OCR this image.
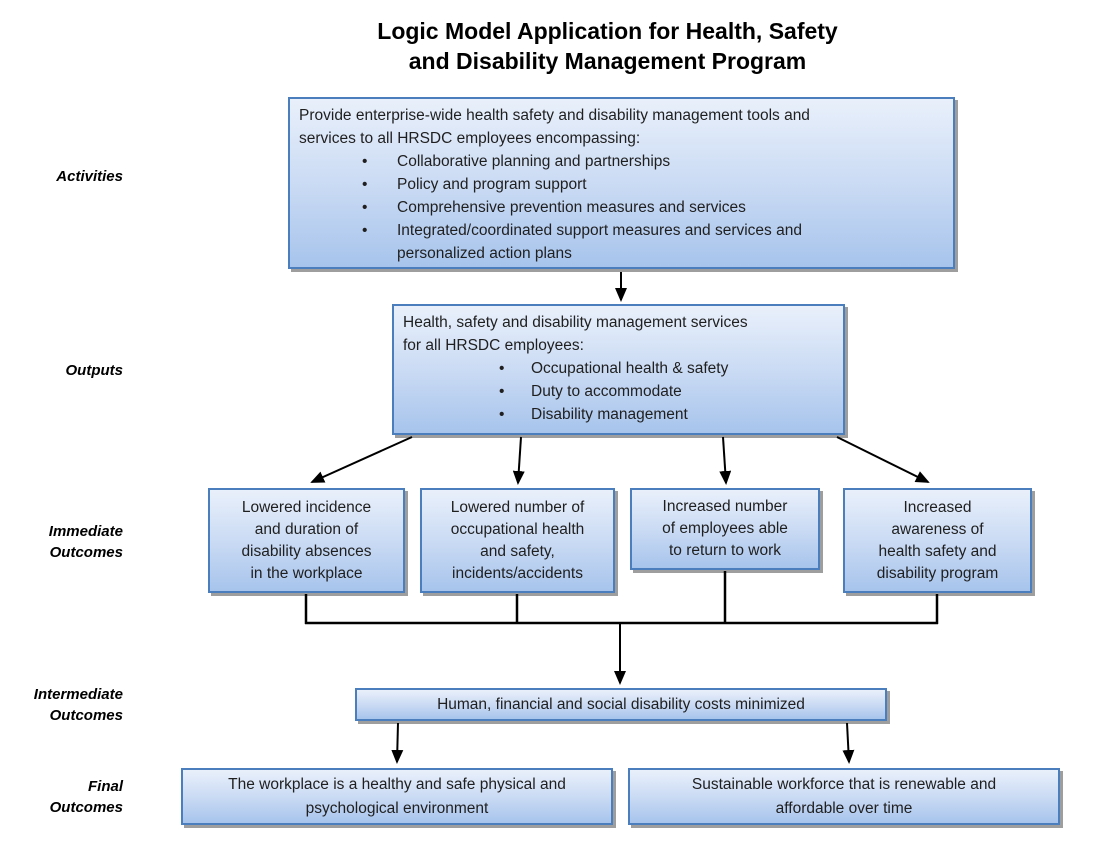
Logic Model Application for Health, Safety
and Disability Management Program
Activities
Outputs
Immediate
Outcomes
Intermediate
Outcomes
Final
Outcomes
Provide enterprise-wide health safety and disability management tools and
services to all HRSDC employees encompassing:
•	Collaborative planning and partnerships
•	Policy and program support
•	Comprehensive prevention measures and services
•	Integrated/coordinated support measures and services and personalized action plans
Health, safety and disability management services
for all HRSDC employees:
•	Occupational health & safety
•	Duty to accommodate
•	Disability management
Lowered incidence
and duration of
disability absences
in the workplace
Lowered number of
occupational health
and safety,
incidents/accidents
Increased number
of employees able
to return to work
Increased
awareness of
health safety and
disability program
Human, financial and social disability costs minimized
The workplace is a healthy and safe physical and
psychological environment
Sustainable workforce that is renewable and
affordable over time
